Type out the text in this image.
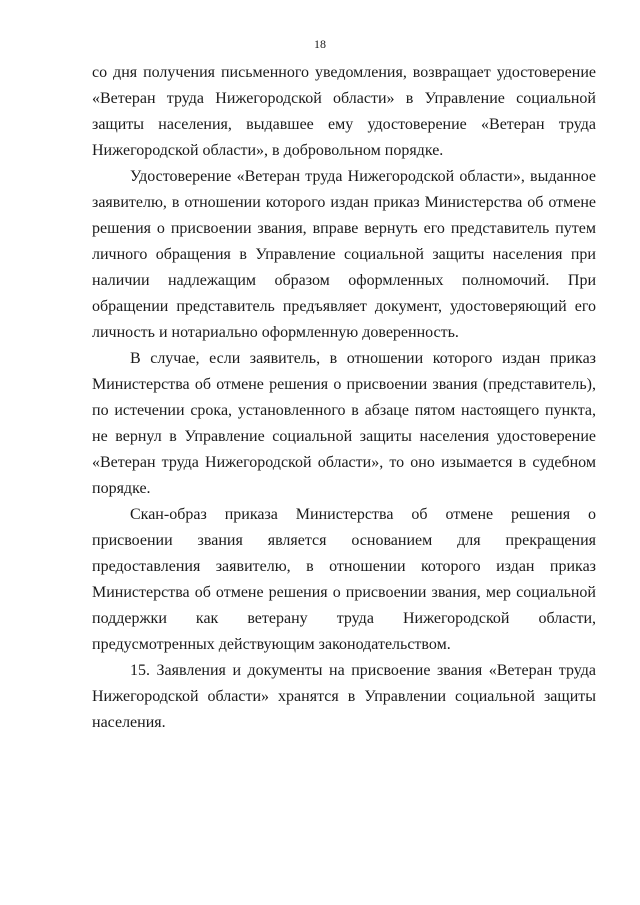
18

со дня получения письменного уведомления, возвращает удостоверение «Ветеран труда Нижегородской области» в Управление социальной защиты населения, выдавшее ему удостоверение «Ветеран труда Нижегородской области», в добровольном порядке.

Удостоверение «Ветеран труда Нижегородской области», выданное заявителю, в отношении которого издан приказ Министерства об отмене решения о присвоении звания, вправе вернуть его представитель путем личного обращения в Управление социальной защиты населения при наличии надлежащим образом оформленных полномочий. При обращении представитель предъявляет документ, удостоверяющий его личность и нотариально оформленную доверенность.

В случае, если заявитель, в отношении которого издан приказ Министерства об отмене решения о присвоении звания (представитель), по истечении срока, установленного в абзаце пятом настоящего пункта, не вернул в Управление социальной защиты населения удостоверение «Ветеран труда Нижегородской области», то оно изымается в судебном порядке.

Скан-образ приказа Министерства об отмене решения о присвоении звания является основанием для прекращения предоставления заявителю, в отношении которого издан приказ Министерства об отмене решения о присвоении звания, мер социальной поддержки как ветерану труда Нижегородской области, предусмотренных действующим законодательством.

15. Заявления и документы на присвоение звания «Ветеран труда Нижегородской области» хранятся в Управлении социальной защиты населения.
